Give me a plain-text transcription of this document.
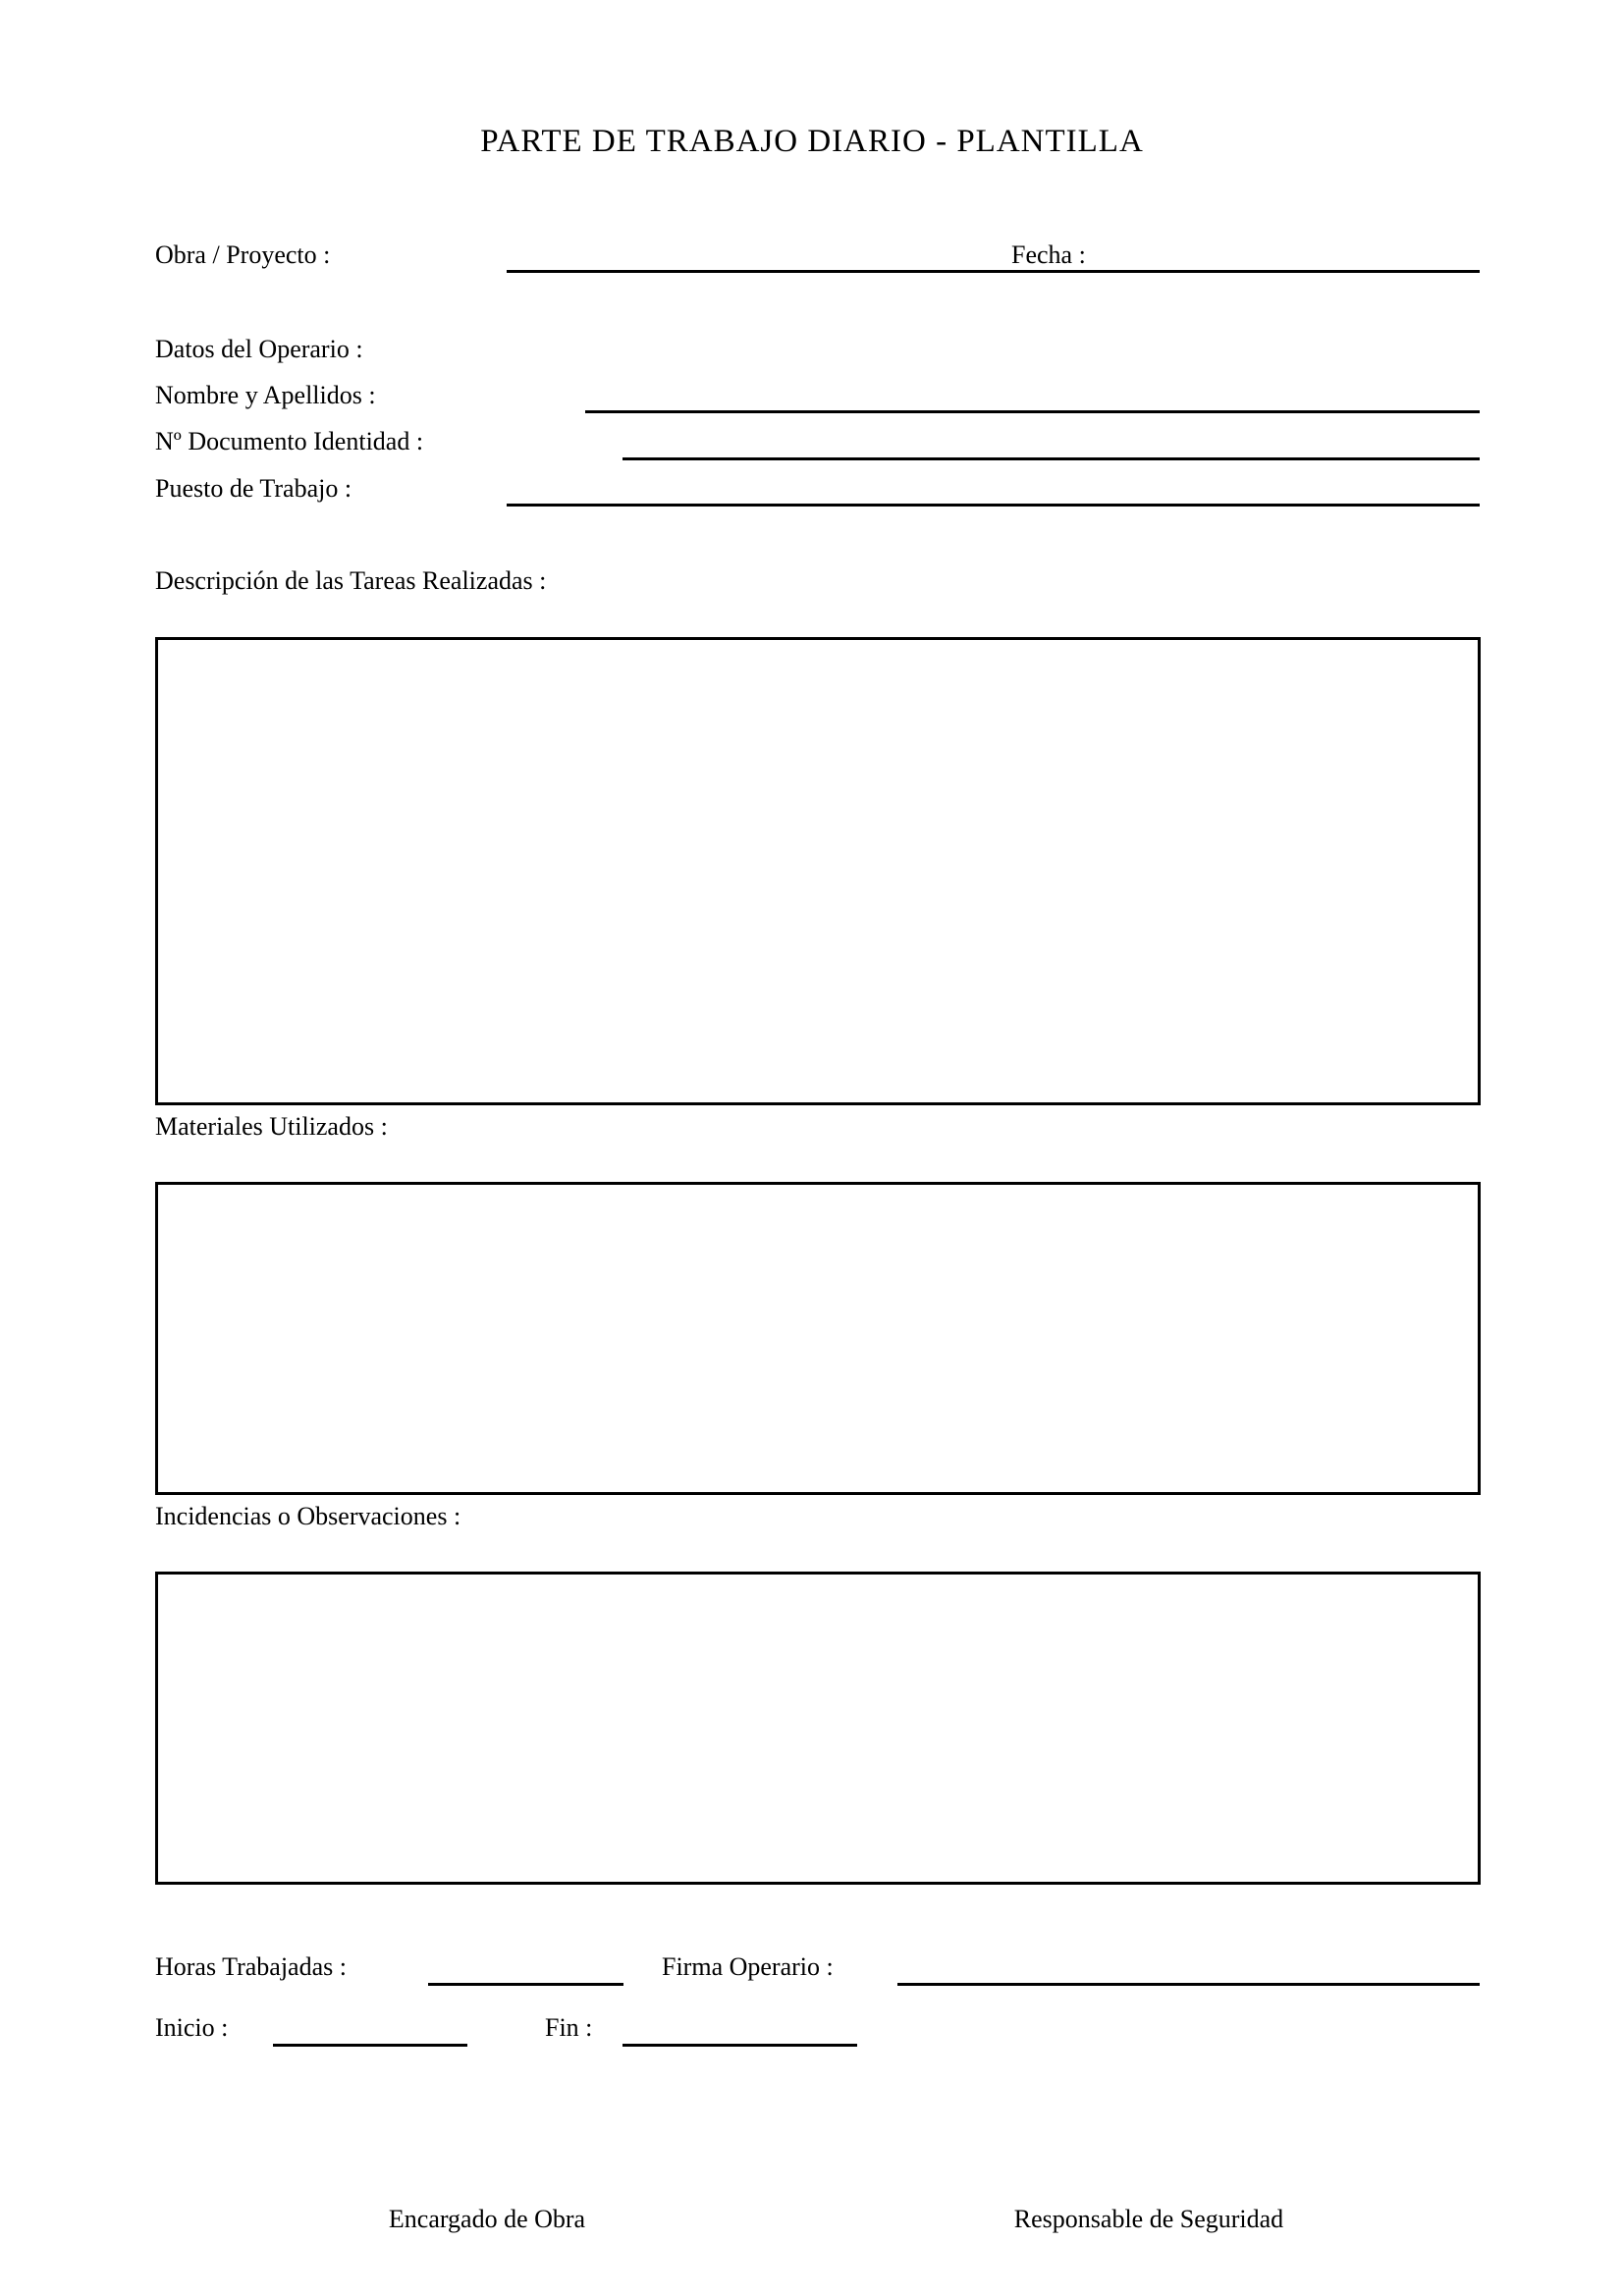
PARTE DE TRABAJO DIARIO - PLANTILLA
Obra / Proyecto :	Fecha :
Datos del Operario :
Nombre y Apellidos :
Nº Documento Identidad :
Puesto de Trabajo :
Descripción de las Tareas Realizadas :
Materiales Utilizados :
Incidencias o Observaciones :
Horas Trabajadas :	Firma Operario :
Inicio :	Fin :
Encargado de Obra	Responsable de Seguridad
